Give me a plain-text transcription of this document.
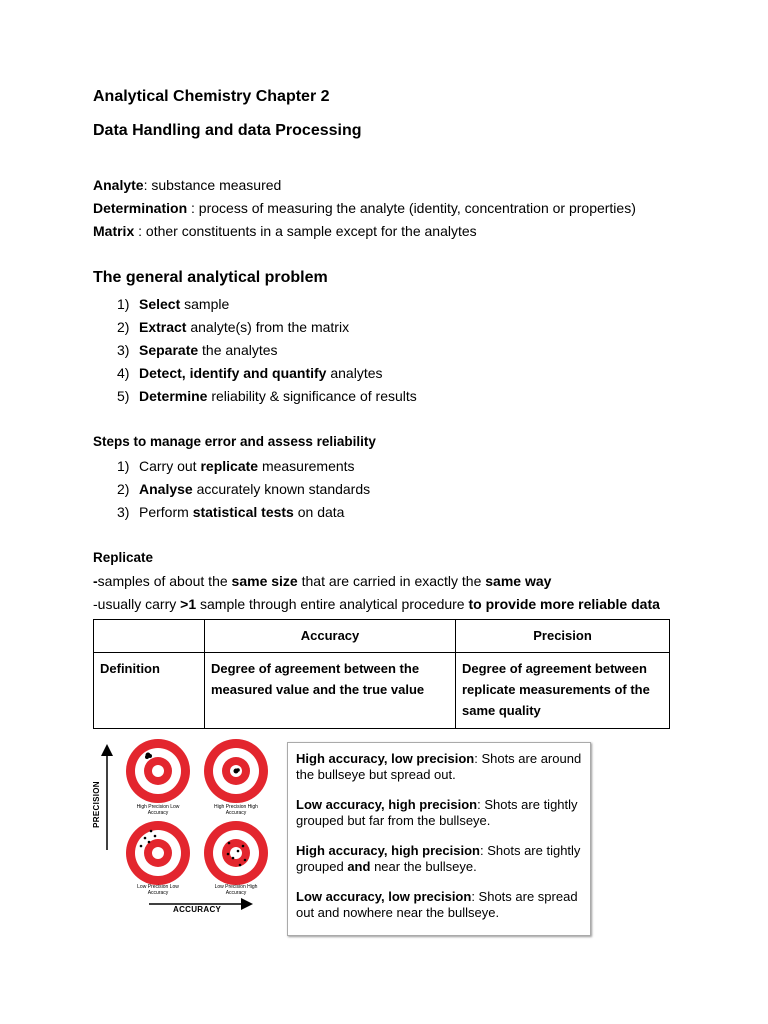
Analytical Chemistry Chapter 2
Data Handling and data Processing
Analyte: substance measured
Determination : process of measuring the analyte (identity, concentration or properties)
Matrix : other constituents in a sample except for the analytes
The general analytical problem
1) Select sample
2) Extract analyte(s) from the matrix
3) Separate the analytes
4) Detect, identify and quantify analytes
5) Determine reliability & significance of results
Steps to manage error and assess reliability
1) Carry out replicate measurements
2) Analyse accurately known standards
3) Perform statistical tests on data
Replicate
-samples of about the same size that are carried in exactly the same way
-usually carry >1 sample through entire analytical procedure to provide more reliable data
	Accuracy	Precision
Definition	Degree of agreement between the measured value and the true value	Degree of agreement between replicate measurements of the same quality
PRECISION
ACCURACY
High Precision Low Accuracy
High Precision High Accuracy
Low Precision Low Accuracy
Low Precision High Accuracy

High accuracy, low precision: Shots are around the bullseye but spread out.

Low accuracy, high precision: Shots are tightly grouped but far from the bullseye.

High accuracy, high precision: Shots are tightly grouped and near the bullseye.

Low accuracy, low precision: Shots are spread out and nowhere near the bullseye.
